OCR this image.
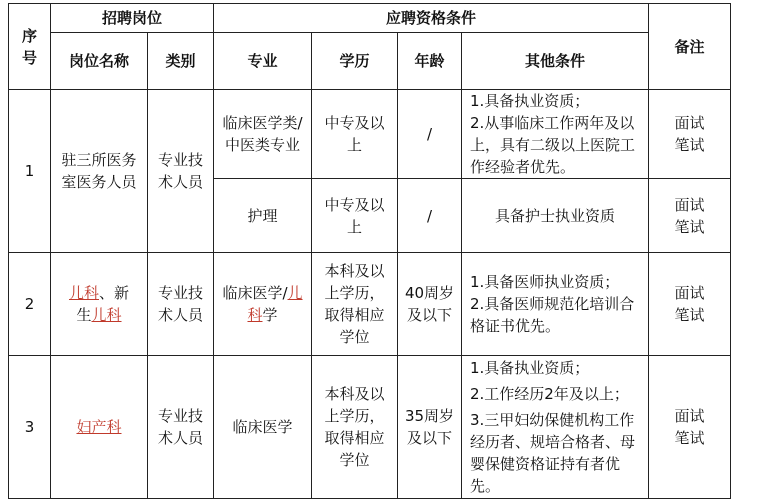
序号	招聘岗位		应聘资格条件				备注
	岗位名称	类别	专业	学历	年龄	其他条件	
1	驻三所医务室医务人员	专业技术人员	临床医学类/中医类专业	中专及以上	/	1.具备执业资质；
2.从事临床工作两年及以上，具有二级以上医院工作经验者优先。	面试笔试
			护理	中专及以上	/	具备护士执业资质	面试笔试
2	儿科、新生儿科	专业技术人员	临床医学/儿科学	本科及以上学历，取得相应学位	40周岁及以下	1.具备医师执业资质；
2.具备医师规范化培训合格证书优先。	面试笔试
3	妇产科	专业技术人员	临床医学	本科及以上学历，取得相应学位	35周岁及以下	1.具备执业资质；
2.工作经历2年及以上；
3.三甲妇幼保健机构工作经历者、规培合格者、母婴保健资格证持有者优先。	面试笔试
